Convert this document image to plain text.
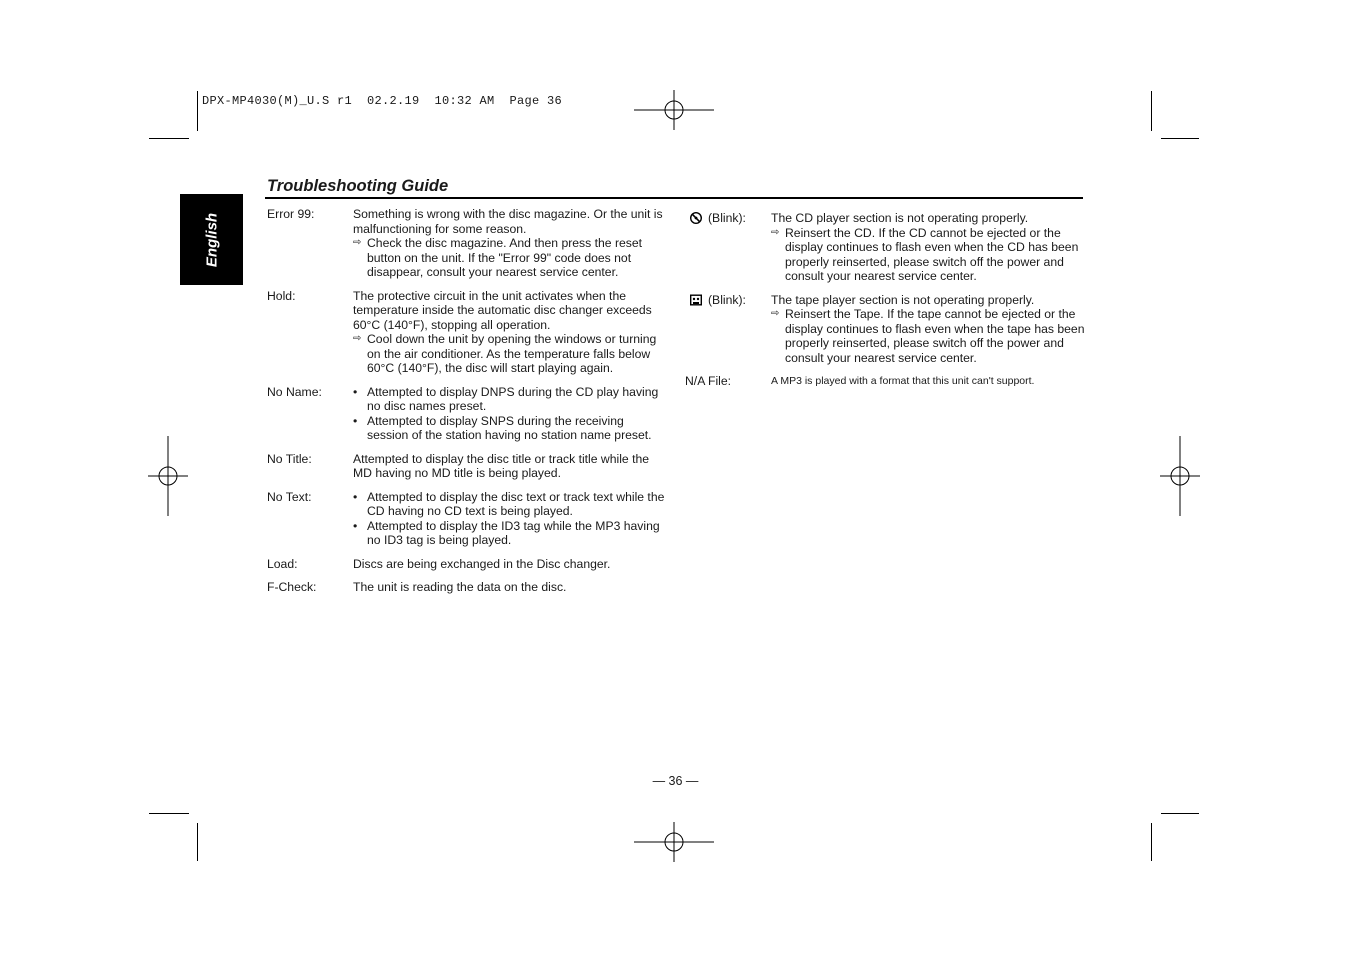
DPX-MP4030(M)_U.S r1  02.2.19  10:32 AM  Page 36
English
Troubleshooting Guide
Error 99:	Something is wrong with the disc magazine. Or the unit is malfunctioning for some reason.
⇨ Check the disc magazine. And then press the reset button on the unit. If the "Error 99" code does not disappear, consult your nearest service center.
Hold:	The protective circuit in the unit activates when the temperature inside the automatic disc changer exceeds 60°C (140°F), stopping all operation.
⇨ Cool down the unit by opening the windows or turning on the air conditioner. As the temperature falls below 60°C (140°F), the disc will start playing again.
No Name:	• Attempted to display DNPS during the CD play having no disc names preset.
• Attempted to display SNPS during the receiving session of the station having no station name preset.
No Title:	Attempted to display the disc title or track title while the MD having no MD title is being played.
No Text:	• Attempted to display the disc text or track text while the CD having no CD text is being played.
• Attempted to display the ID3 tag while the MP3 having no ID3 tag is being played.
Load:	Discs are being exchanged in the Disc changer.
F-Check:	The unit is reading the data on the disc.
(Blink): The CD player section is not operating properly.
⇨ Reinsert the CD. If the CD cannot be ejected or the display continues to flash even when the CD has been properly reinserted, please switch off the power and consult your nearest service center.
(Blink): The tape player section is not operating properly.
⇨ Reinsert the Tape. If the tape cannot be ejected or the display continues to flash even when the tape has been properly reinserted, please switch off the power and consult your nearest service center.
N/A File:	A MP3 is played with a format that this unit can't support.
— 36 —
